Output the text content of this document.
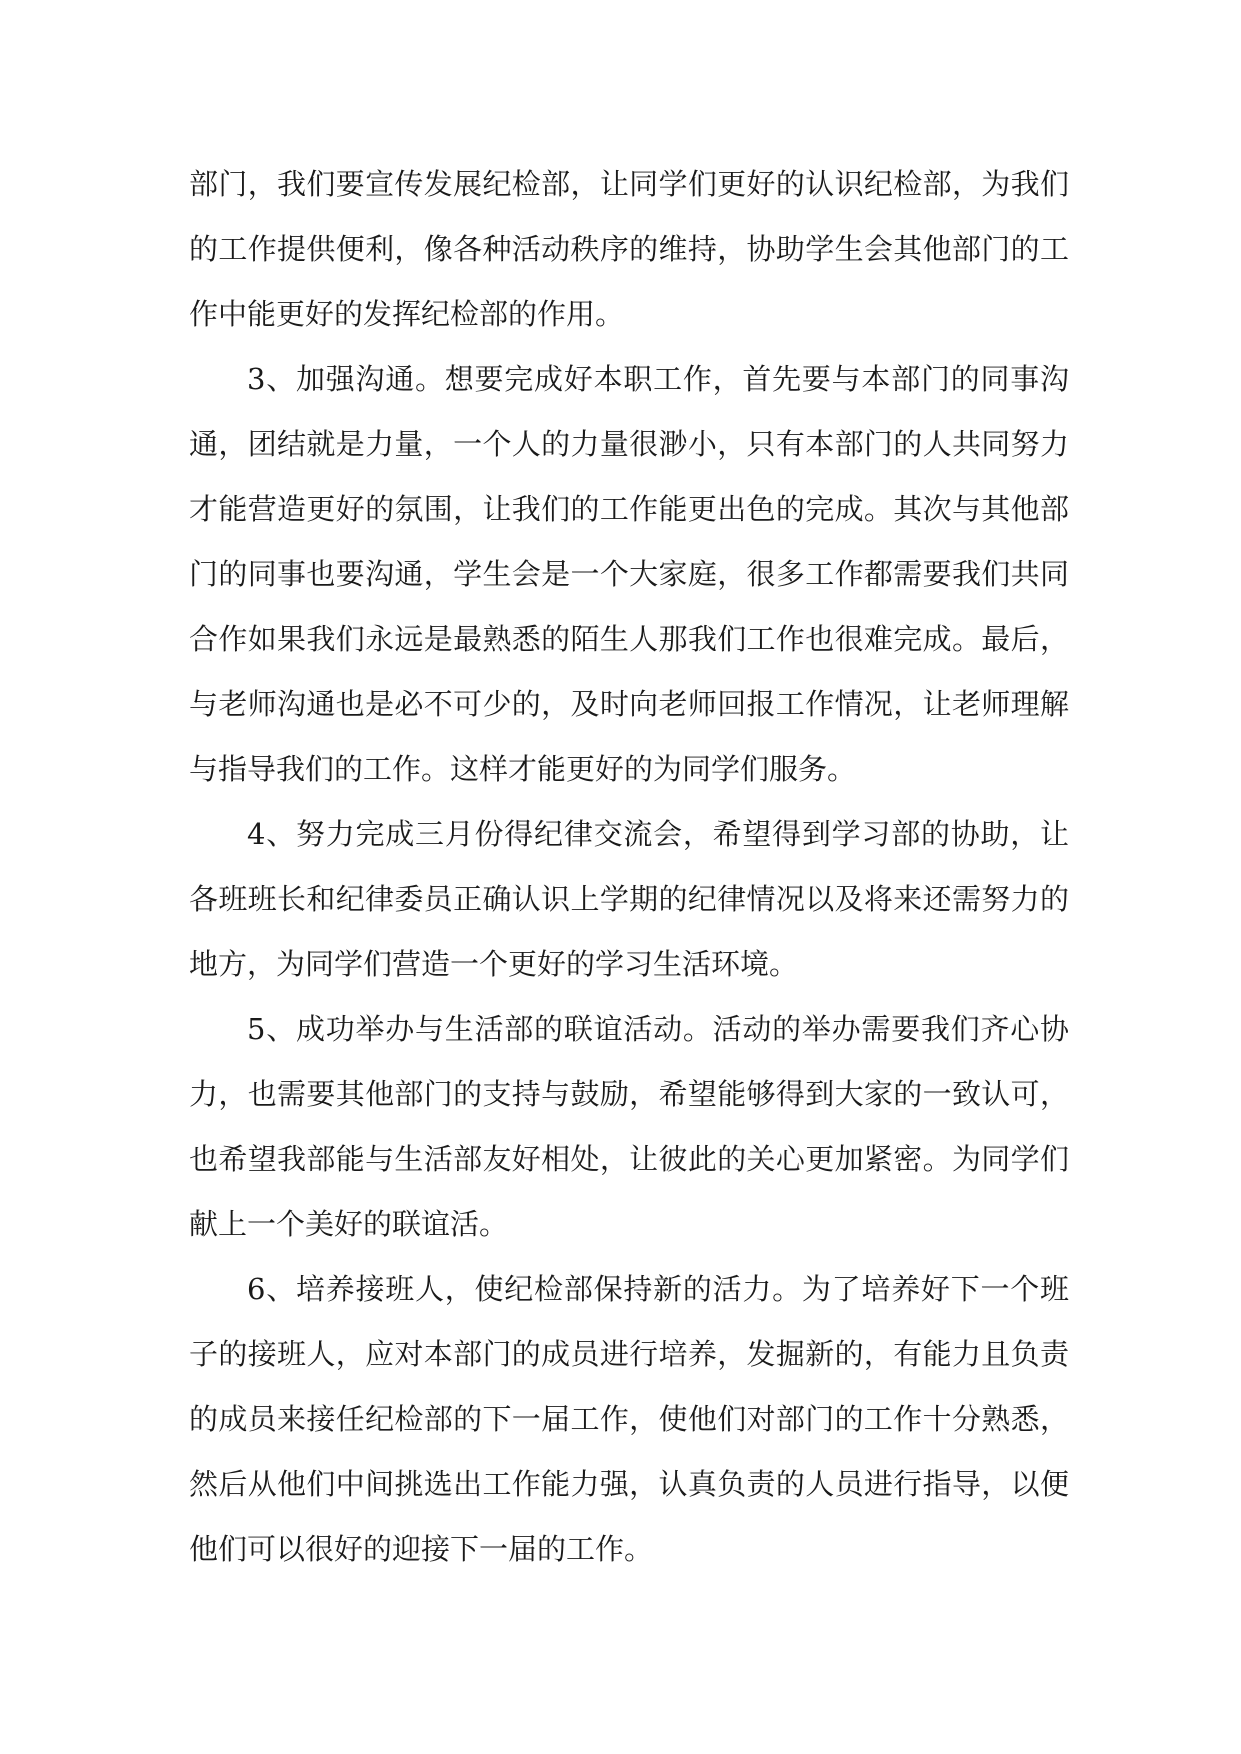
部门，我们要宣传发展纪检部，让同学们更好的认识纪检部，为我们的工作提供便利，像各种活动秩序的维持，协助学生会其他部门的工作中能更好的发挥纪检部的作用。

3、加强沟通。想要完成好本职工作，首先要与本部门的同事沟通，团结就是力量，一个人的力量很渺小，只有本部门的人共同努力才能营造更好的氛围，让我们的工作能更出色的完成。其次与其他部门的同事也要沟通，学生会是一个大家庭，很多工作都需要我们共同合作如果我们永远是最熟悉的陌生人那我们工作也很难完成。最后，与老师沟通也是必不可少的，及时向老师回报工作情况，让老师理解与指导我们的工作。这样才能更好的为同学们服务。

4、努力完成三月份得纪律交流会，希望得到学习部的协助，让各班班长和纪律委员正确认识上学期的纪律情况以及将来还需努力的地方，为同学们营造一个更好的学习生活环境。

5、成功举办与生活部的联谊活动。活动的举办需要我们齐心协力，也需要其他部门的支持与鼓励，希望能够得到大家的一致认可，也希望我部能与生活部友好相处，让彼此的关心更加紧密。为同学们献上一个美好的联谊活。

6、培养接班人，使纪检部保持新的活力。为了培养好下一个班子的接班人，应对本部门的成员进行培养，发掘新的，有能力且负责的成员来接任纪检部的下一届工作，使他们对部门的工作十分熟悉，然后从他们中间挑选出工作能力强，认真负责的人员进行指导，以便他们可以很好的迎接下一届的工作。
